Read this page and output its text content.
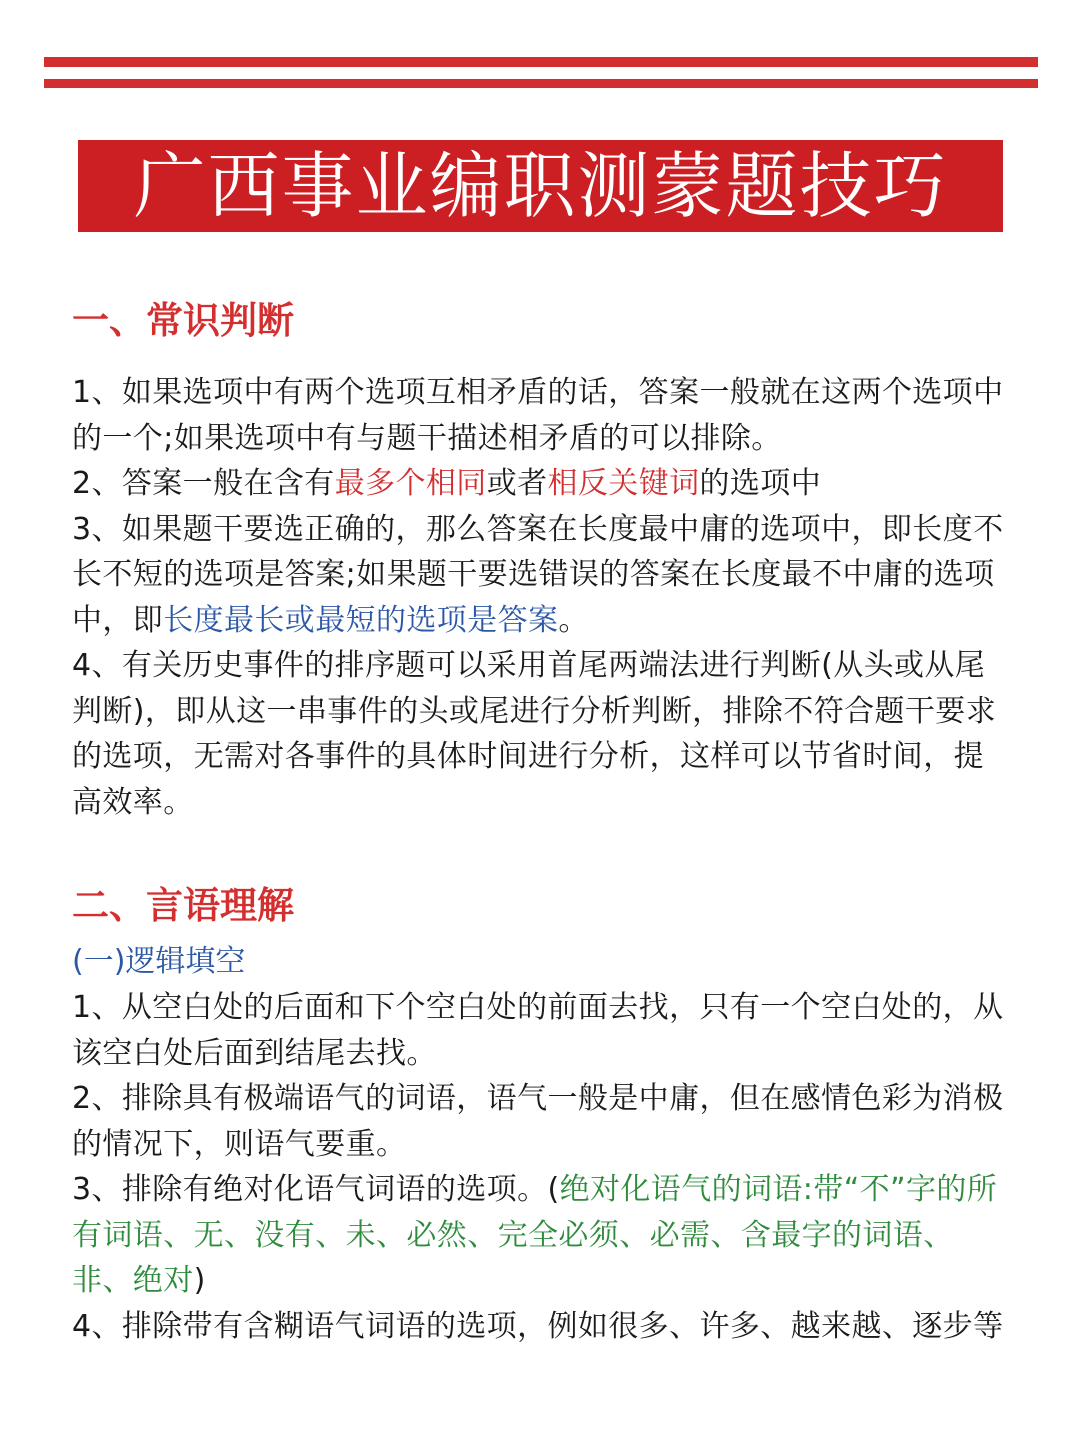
广西事业编职测蒙题技巧
一、常识判断

1、如果选项中有两个选项互相矛盾的话，答案一般就在这两个选项中的一个;如果选项中有与题干描述相矛盾的可以排除。

2、答案一般在含有最多个相同或者相反关键词的选项中

3、如果题干要选正确的，那么答案在长度最中庸的选项中，即长度不长不短的选项是答案;如果题干要选错误的答案在长度最不中庸的选项中，即长度最长或最短的选项是答案。

4、有关历史事件的排序题可以采用首尾两端法进行判断(从头或从尾判断)，即从这一串事件的头或尾进行分析判断，排除不符合题干要求的选项，无需对各事件的具体时间进行分析，这样可以节省时间，提高效率。

二、言语理解

(一)逻辑填空

1、从空白处的后面和下个空白处的前面去找，只有一个空白处的，从该空白处后面到结尾去找。

2、排除具有极端语气的词语，语气一般是中庸，但在感情色彩为消极的情况下，则语气要重。

3、排除有绝对化语气词语的选项。(绝对化语气的词语:带“不”字的所有词语、无、没有、未、必然、完全必须、必需、含最字的词语、非、绝对)

4、排除带有含糊语气词语的选项，例如很多、许多、越来越、逐步等
